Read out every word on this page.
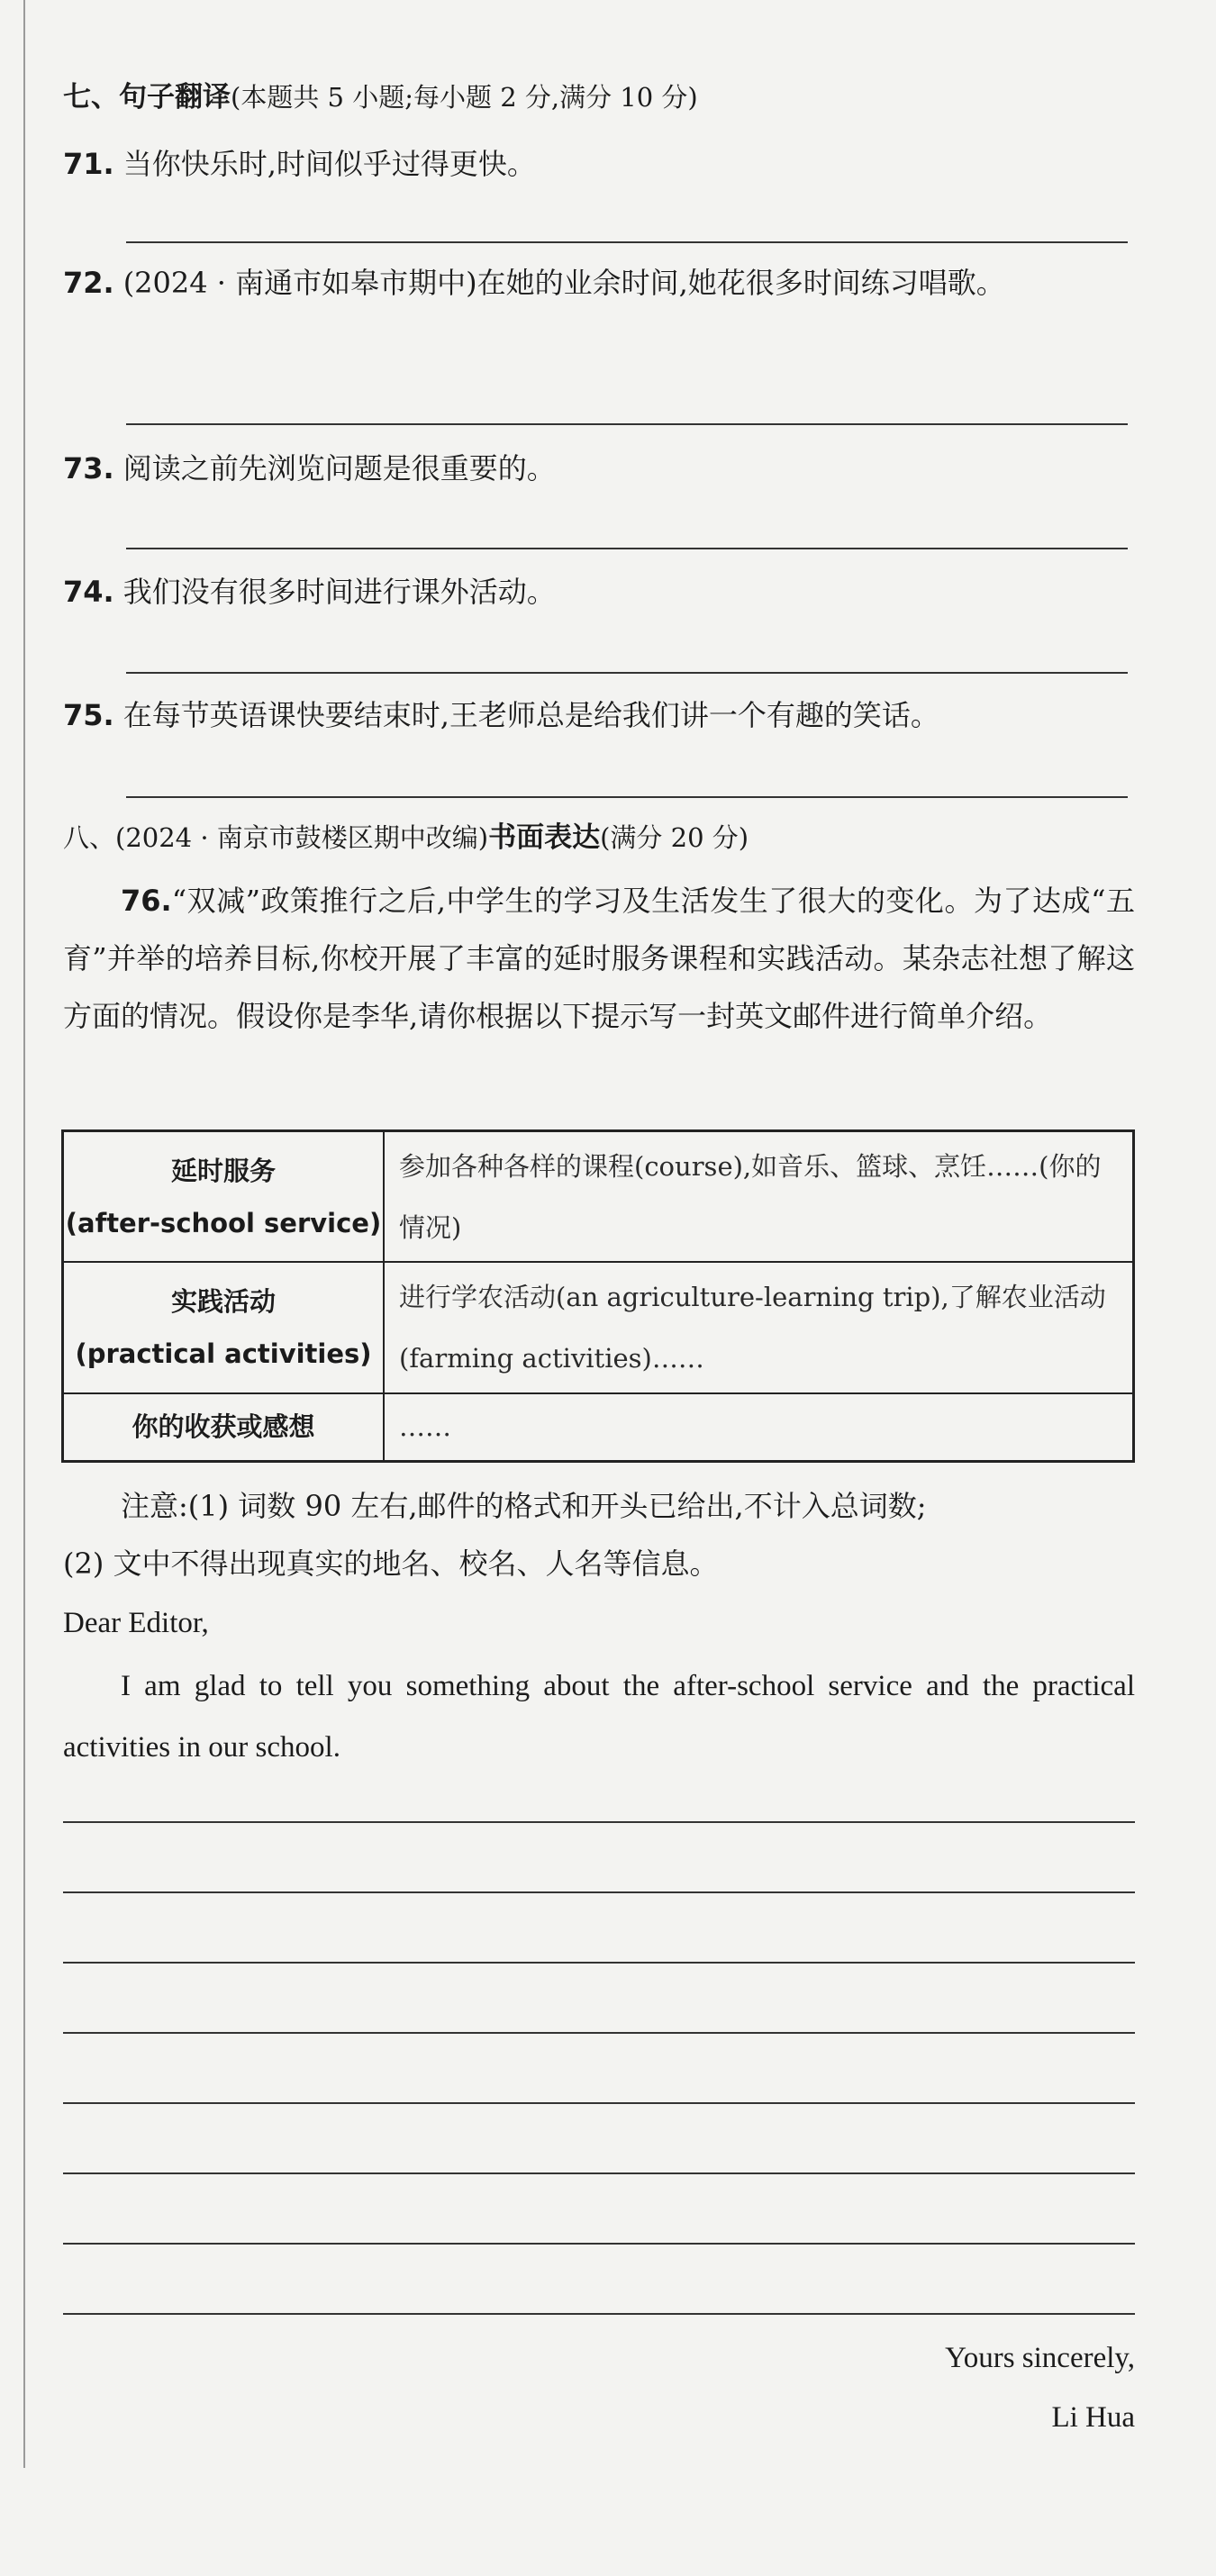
七、句子翻译(本题共 5 小题;每小题 2 分,满分 10 分)
71. 当你快乐时,时间似乎过得更快。
72. (2024 · 南通市如皋市期中)在她的业余时间,她花很多时间练习唱歌。
73. 阅读之前先浏览问题是很重要的。
74. 我们没有很多时间进行课外活动。
75. 在每节英语课快要结束时,王老师总是给我们讲一个有趣的笑话。
八、(2024 · 南京市鼓楼区期中改编)书面表达(满分 20 分)
76.“双减”政策推行之后,中学生的学习及生活发生了很大的变化。为了达成“五育”并举的培养目标,你校开展了丰富的延时服务课程和实践活动。某杂志社想了解这方面的情况。假设你是李华,请你根据以下提示写一封英文邮件进行简单介绍。
延时服务
(after-school service)	参加各种各样的课程(course),如音乐、篮球、烹饪……(你的情况)

实践活动
(practical activities)	进行学农活动(an agriculture-learning trip),了解农业活动(farming activities)……

你的收获或感想	……
注意:(1) 词数 90 左右,邮件的格式和开头已给出,不计入总词数;
(2) 文中不得出现真实的地名、校名、人名等信息。
Dear Editor,
I am glad to tell you something about the after-school service and the practical activities in our school.
Yours sincerely,
Li Hua
